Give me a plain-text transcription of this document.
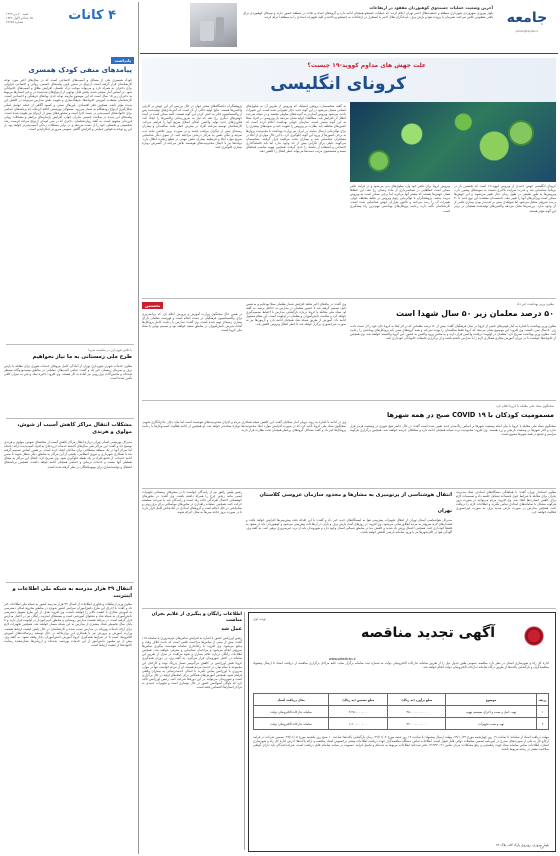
آخرین وضعیت عملیات جستجوی کوهنوردان مفقود در ارتفاعات
بلوار پیروزی سهروردی شهرداری منطقه و جمعیت‌هلال احمر تهران اعلام کردند که عملیات جستجو همچنان ادامه دارد و گروه‌های امداد و نجات در منطقه حضور دارند و تیم‌های کوهنوردی برای یافتن مفقودین تلاش می‌کنند. همزمان با برودت هوا و بارش برف، امدادگران هلال احمر با استقرار در ارتفاعات به جستجو پرداختند و کلیه تجهیزات امدادی را به منطقه اعزام کردند. جامعه
jameh@kayhan.ir
۴ کانات
شنبه ۲۰ دی ۱۳۹۹
۲۵ جمادی الاول ۱۴۴۲
شماره ۲۲۶۸۷
یادداشت
پیامدهای منفی کودک همسری
کودک همسری یکی از مسائل و آسیب‌های اجتماعی است که در سال‌های اخیر مورد توجه کارشناسان قرار گرفته است. ازدواج در سنین پایین پیامدهای جسمی، روانی و اجتماعی فراوانی برای دختران به همراه دارد و می‌تواند موجب ترک تحصیل، افزایش طلاق و آسیب‌های خانوادگی شود. بر اساس آمار منتشر شده، بخش قابل توجهی از ازدواج‌های ثبت‌شده در برخی استان‌ها مربوط به دختران زیر ۱۵ سال است که این موضوع نیازمند توجه جدی نهادهای فرهنگی و اجتماعی است. کارشناسان معتقدند آموزش خانواده‌ها، فرهنگ‌سازی و تقویت نقش مدارس می‌تواند در کاهش این پدیده مؤثر باشد. همچنین فقر اقتصادی، باورهای سنتی و کمبود آگاهی از جمله عوامل اصلی شکل‌گیری ازدواج زودهنگام به شمار می‌رود. مسئولان بهزیستی اعلام کرده‌اند که برنامه‌های حمایتی برای خانواده‌های آسیب‌پذیر در دست اجرا است و مشاوره‌های پیش از ازدواج نیز تقویت شده است. پیامدهای این پدیده در سلامت جسمی مادران جوان، افزایش زایمان‌های پرخطر و مشکلات روانی فرزندان مشهود است. به گفته روان‌شناسان، دختری که در سن کودکی ازدواج می‌کند فرصت رشد شخصیتی و تحصیلی خود را از دست می‌دهد و در برابر مشکلات زندگی آسیب‌پذیرتر خواهد بود. از این رو توجه به قوانین حمایتی و افزایش آگاهی عمومی ضرورتی انکارناپذیر است.
با تلاش شهرداری در مناسبت سرما
طرح ملی زمستانی به ما نیاز نخواهیم
معاون خدمات شهری شهرداری تهران از آمادگی کامل نیروهای خدمات شهری برای مقابله با بارش برف و سرمای زمستان خبر داد و گفت: تمامی اکیپ‌های عملیاتی در مناطق بیست‌ودوگانه مستقر شده‌اند و ماشین‌آلات برف‌روبی نیز آماده به کار هستند. وی افزود: ذخیره نمک و شن به میزان کافی تأمین شده است.
مشکلات انتقال مراکز کاهش آسیب از شوش، مولوی و هرندی
مدیرکل بهزیستی استان تهران درباره انتقال مراکز کاهش آسیب از محله‌های شوش، مولوی و هرندی توضیح داد و گفت: این مراکز طی سال‌های گذشته خدمات ارزنده‌ای به افراد آسیب‌دیده ارائه داده‌اند اما تمرکز آنها در یک منطقه مشکلاتی برای ساکنان ایجاد کرده است. بر همین اساس تصمیم گرفته شد با همکاری شهرداری و نیروی انتظامی، بخشی از این مراکز به مناطق دیگر منتقل شوند تا ضمن ادامه خدمات، از تجمع افراد در یک نقطه جلوگیری شود. وی تصریح کرد: انتقال این مراکز به معنای تعطیلی آنها نیست و خدمات درمانی و حمایتی همچنان ادامه خواهد داشت. همچنین برنامه‌های اشتغال و توانمندسازی برای بهبودیافتگان در نظر گرفته شده است.
انتقال ۳۹ هزار مدرسه به شبکه ملی اطلاعات و اینترنت
معاون وزیر ارتباطات و فناوری اطلاعات از اتصال ۳۹ هزار مدرسه کشور به شبکه ملی اطلاعات خبر داد و گفت: با اجرای این طرح دانش‌آموزان سراسر کشور به‌ویژه در مناطق محروم امکان دسترسی به آموزش مجازی با کیفیت بالاتر را خواهند داشت. وی افزود: هدف از این طرح تسهیل دسترسی دانش‌آموزان به شبکه شاد و محتوای آموزشی است و بسته‌های اینترنت رایگان نیز در اختیار مدارس قرار گرفته است. در مرحله نخست مدارس روستایی و مناطق کم‌برخوردار در اولویت قرار دارند و تا پایان سال تحصیلی تعداد بیشتری از مدارس به این شبکه متصل خواهند شد. همچنین تجهیزات لازم برای ارائه خدمات پهن‌باند در مدارس نصب شده و کارشناسان در حال پایش کیفیت ارتباط هستند. وزارت آموزش و پرورش نیز با همکاری این وزارتخانه در حال توسعه زیرساخت‌های آموزش الکترونیک است تا در شرایط همه‌گیری کرونا آموزش دانش‌آموزان دچار وقفه نشود. به گفته وی، بیش از دو میلیون دانش‌آموز از این خدمات بهره‌مند شده‌اند و ارزیابی‌ها نشان‌دهنده رضایت خانواده‌ها از کیفیت ارتباط است.
علت جهش های مداوم کووید-۱۹ چیست؟
کرونای انگلیسی
کرونای انگلیسی جهش جدیدی از ویروس کووید-۱۹ است که نخستین بار در بریتانیا شناسایی شد و قدرت سرایت بالاتری نسبت به نمونه‌های پیشین دارد. ویروس‌ها به طور طبیعی در طول زمان دچار تغییر می‌شوند و این جهش‌ها ممکن است ویژگی‌های آنها را تغییر دهد. دانشمندان معتقدند این نوع جدید تا ۷۰ درصد سریع‌تر منتقل می‌شود اما شواهدی مبنی بر شدیدتر بودن بیماری ناشی از آن وجود ندارد. بررسی‌ها نشان می‌دهد واکسن‌های تولیدشده همچنان در برابر این گونه مؤثر هستند.
ویروس کرونا برای تکثیر خود وارد سلول‌های بدن می‌شود و در فرایند تکثیر ممکن است خطاهایی در نسخه‌برداری از ماده ژنتیکی رخ دهد. این خطاها همان جهش‌ها هستند که بیشتر آنها بی‌اثرند اما برخی ممکن است به ویروس مزیت بدهند. پژوهشگران با توالی‌یابی ژنوم ویروس در نقاط مختلف جهان، تغییرات آن را رصد می‌کنند و تاکنون هزاران جهش شناسایی شده است. کارشناسان تأکید دارند رعایت پروتکل‌های بهداشتی مهم‌ترین راه پیشگیری است.
به گفته متخصصان، پروتئین اسپایک که ویروس از طریق آن به سلول‌های انسانی متصل می‌شود در این گونه جدید دچار تغییراتی شده است. این تغییرات باعث می‌شود ویروس آسان‌تر به گیرنده‌های سلولی بچسبد و در نتیجه سرعت انتقال آن افزایش یابد. مطالعات اولیه نشان می‌دهد بار ویروسی در افراد مبتلا به این گونه بیشتر است. سازمان جهانی بهداشت اعلام کرده است که کشورهای مختلف باید نظارت بر ویروس را تقویت کنند و نمونه‌های بیشتری را برای توالی‌یابی ارسال نمایند. در ایران نیز وزارت بهداشت با محدودیت پروازها به برخی کشورها از ورود این گونه جلوگیری کرد. با این حال مواردی از ابتلا در مسافران شناسایی شد و بیماران تحت مراقبت قرار گرفتند. متخصصان می‌گویند دلیلی برای نگرانی بیش از حد وجود ندارد اما باید فاصله‌گذاری اجتماعی و استفاده از ماسک را جدی گرفت. همچنین تهویه مناسب فضاهای بسته و شستشوی مرتب دست‌ها می‌تواند خطر انتقال را کاهش دهد.
پژوهشگران دانشگاه‌های معتبر جهان در حال بررسی اثر این جهش بر کارایی واکسن‌ها هستند. نتایج اولیه حاکی از آن است که آنتی‌بادی‌های تولیدشده پس از واکسیناسیون قادر به خنثی کردن این گونه هستند. البته ممکن است در آینده جهش‌های دیگری رخ دهد که نیاز به به‌روزرسانی واکسن‌ها را ایجاد کند. فناوری‌های جدید تولید واکسن امکان اصلاح سریع آنها را فراهم می‌کند. کارشناسان توصیه می‌کنند افراد در معرض خطر مانند سالمندان و بیماران زمینه‌ای بیش از دیگران مراقب باشند و در صورت بروز علائمی مانند تب، سرفه و تنگی نفس به مراکز درمانی مراجعه کنند. از سوی دیگر شناسایی سریع موارد ابتلا و قرنطینه بیماران نقش مهمی در قطع زنجیره انتقال دارد. دولت‌ها نیز با اعمال محدودیت‌های هوشمند تلاش می‌کنند از گسترش دوباره بیماری جلوگیری کنند.
نخستین	معاون وزیر بهداشت خبر داد
۵۰ درصد معلمان زیر ۵۰ سال شهدا است
معاون وزیر بهداشت با اشاره به آمار فوتی‌های ناشی از کرونا در میان فرهنگیان گفت: بیش از ۵۰ درصد معلمانی که بر اثر ابتلا به کرونا جان خود را از دست دادند زیر ۵۰ سال سن داشتند. وی افزود: این موضوع نشان می‌دهد که کرونا فقط سالمندان را تهدید نمی‌کند و همه گروه‌های سنی باید پروتکل‌های بهداشتی را رعایت کنند. معاون وزیر بهداشت تصریح کرد: معلمان در اولویت دریافت واکسن قرار دارند و به محض ورود واکسن به کشور، این گروه واکسینه خواهند شد. وی همچنین از خانواده‌ها خواست تا در دوران آموزش مجازی همکاری لازم را با مدارس داشته باشند و از برگزاری تجمعات خانوادگی خودداری کنند.
وی گفت: در ماه‌های اخیر شاهد افزایش شمار معلمان مبتلا بوده‌ایم و به همین دلیل تصمیم گرفته شد تا حضور معلمان در مدارس به حداقل برسد. به گفته او، ستاد ملی مقابله با کرونا درباره بازگشایی مدارس با احتیاط تصمیم‌گیری خواهد کرد و سلامت دانش‌آموزان و معلمان در اولویت است. این مقام مسئول ادامه داد: آموزش از طریق شبکه شاد همچنان ادامه دارد و آزمون‌ها نیز به صورت غیرحضوری برگزار خواهد شد تا خطر انتقال ویروس کاهش یابد.
در همین حال سخنگوی وزارت آموزش و پرورش اعلام کرد که برنامه‌ریزی برای واکسیناسیون فرهنگیان در دست انجام است و فهرست معلمان دارای بیماری زمینه‌ای تهیه شده است. وی گفت: مدارس با رعایت کامل پروتکل‌ها آماده پذیرش دانش‌آموزان در مناطق سفید خواهند بود و تصمیم نهایی با ستاد ملی کرونا است.
سخنگوی ستاد ملی مقابله با کرونا اعلام کرد
مسمومیت کودکان با COVID ۱۹ صبح در همه شهرها
سخنگوی ستاد ملی مقابله با کرونا با بیان اینکه وضعیت شهرها بر اساس رنگ‌بندی جدید تعیین شده است گفت: در حال حاضر هیچ شهری در وضعیت قرمز قرار ندارد و اکثر شهرها در وضعیت نارنجی و زرد هستند. وی افزود: محدودیت تردد شبانه همچنان ادامه دارد و متخلفان جریمه خواهند شد. همچنین برگزاری هرگونه مراسم و تجمع در همه شهرها ممنوع است.
وی در ادامه با اشاره به روند نزولی آمار مبتلایان گفت: این کاهش نتیجه همکاری مردم و اجرای محدودیت‌های هوشمند است اما نباید دچار عادی‌انگاری شویم. سخنگوی ستاد ملی کرونا تأکید کرد که در صورت افزایش موارد ابتلا، محدودیت‌ها دوباره سخت‌تر خواهد شد. او همچنین از ادامه فعالیت کسب‌وکارها با رعایت پروتکل‌ها خبر داد و گفت مشاغل گروه‌های پرخطر همچنان تحت نظارت قرار دارند.
انتقال هوشناسی از پرتومیزی به مشارها و محدود سازمان عروسی کلاستان
تهران
مدیرکل هواشناسی استان تهران از انتقال تجهیزات پیش‌بینی هوا به ایستگاه‌های جدید خبر داد و گفت: با این اقدام دقت پیش‌بینی‌ها افزایش خواهد یافت و هشدارهای لازم سریع‌تر به مردم اطلاع‌رسانی می‌شود. وی افزود: در روزهای آینده بارش برف و باران در ارتفاعات پیش‌بینی می‌شود و کوهنوردان باید از صعود به قله‌ها خودداری کنند. همچنین احتمال وزش باد شدید و کاهش دما در مناطق شمالی استان وجود دارد و شهروندان باید از تردد غیرضروری پرهیز کنند. به گفته وی، آلودگی هوا در کلان‌شهرها نیز با ورود سامانه بارشی کاهش خواهد یافت.
رئیس پلیس راهور نیز از رانندگان خواست تا در سفرهای زمستانی تجهیزات ایمنی مانند زنجیر چرخ را همراه داشته باشند. وی گفت: در محورهای کوهستانی احتمال لغزندگی جاده زیاد است و رانندگان باید با سرعت مطمئنه حرکت کنند. همچنین عملیات راهداری در محورهای مواصلاتی برای برف‌روبی و نمک‌پاشی در حال انجام است و گروه‌های امدادی در آماده‌باش کامل قرار دارند تا در صورت بروز حادثه سریعاً به محل اعزام شوند.
معاون استاندار تهران گفت: با هماهنگی دستگاه‌های امدادی، ستاد مدیریت بحران برای مقابله با شرایط جوی نامساعد تشکیل جلسه داد و تصمیمات لازم برای کاهش خسارت‌ها اتخاذ شد. وی افزود: مردم می‌توانند در صورت بروز هرگونه مشکل با سامانه‌های امدادی تماس بگیرند و اطلاعات لازم را دریافت کنند. همچنین مدارس در صورت بارش شدید برف به صورت غیرحضوری فعالیت خواهند کرد.
اطلاعات رایگان و پیگیری از علایم بحران مناسب
عمل شد
رئیس اورژانس کشور با اشاره به افزایش تماس‌های غیرضروری با سامانه ۱۱۵ گفت: بیش از نیمی از تماس‌ها مزاحمت تلفنی است که باعث اتلاف وقت و منابع می‌شود. وی افزود: با راه‌اندازی سامانه هوشمند، پیگیری تماس‌ها سریع‌تر انجام می‌شود و مزاحمان شناسایی و معرفی خواهند شد. همچنین اطلاعات رایگان درباره علائم بیماری و نحوه مراقبت در منزل از طریق این سامانه در اختیار شهروندان قرار می‌گیرد. به گفته وی، در دوران همه‌گیری کرونا نقش اورژانس در کاهش مرگ‌ومیر بسیار پررنگ بوده و کارکنان این مجموعه با تمام توان در خدمت مردم هستند. او از مردم خواست تنها در موارد ضروری با اورژانس تماس بگیرند تا امکان خدمت‌رسانی به بیماران واقعی فراهم شود. همچنین آموزش‌های همگانی برای کمک‌های اولیه در حال برگزاری است و شهروندان می‌توانند در این دوره‌ها شرکت کنند. رئیس اورژانس تأکید کرد که ناوگان آمبولانس کشور در حال نوسازی است و تجهیزات جدیدی به مراکز استان‌ها اختصاص یافته است.
نوبت اول
آگهی تجدید مناقصه
www.setadiran.ir
اداره کل راه و شهرسازی استان در نظر دارد مناقصه عمومی طبق جدول ذیل را از طریق سامانه تدارکات الکترونیکی دولت به شماره ثبت سامانه برگزار نماید. کلیه مراحل برگزاری مناقصه از دریافت اسناد تا ارسال پیشنهاد مناقصه‌گران و بازگشایی پاکت‌ها از طریق درگاه سامانه تدارکات الکترونیکی دولت انجام خواهد شد.
ردیف	موضوع	مبلغ برآورد (به ریال)	مبلغ تضمین (به ریال)	محل دریافت اسناد
۱	تهیه، حمل و نصب و اجرای سیستم تهویه	۴۵,۰۰۰,۰۰۰,۰۰۰	۲,۲۵۰,۰۰۰,۰۰۰	سامانه تدارکات الکترونیکی دولت
۲	تهیه و نصب تجهیزات	۳۲,۰۰۰,۰۰۰,۰۰۰	۱,۶۰۰,۰۰۰,۰۰۰	سامانه تدارکات الکترونیکی دولت
مهلت دریافت اسناد از سامانه: تا ساعت ۱۹ روز چهارشنبه مورخ ۹۹/۱۰/۲۴. مهلت ارسال پیشنهاد: تا ساعت ۱۴ روز شنبه مورخ ۹۹/۱۱/۰۴. زمان بازگشایی پاکت‌ها: ساعت ۱۰ صبح روز یکشنبه مورخ ۹۹/۱۱/۰۵. تضمین شرکت در فرایند ارجاع کار به یکی از صورت‌های مندرج در آیین‌نامه تضمین معاملات دولتی قابل قبول است. اطلاعات تماس دستگاه مناقصه‌گزار جهت دریافت اطلاعات بیشتر درخصوص اسناد مناقصه و ارائه پاکت‌ها: آدرس اداره کل راه و شهرسازی استان. اطلاعات تماس سامانه ستاد جهت راهنمایی و رفع مشکلات: مرکز تماس ۰۲۱-۴۱۹۳۴. دفتر ثبت‌نام: اطلاعات مربوط به ثبت‌نام و تکمیل فرایند عضویت در سایت سامانه قابل دریافت است. شرکت‌کنندگان باید دارای گواهی صلاحیت معتبر در رشته مربوط باشند.
بلوار پیروزی، روبروی پارک لاله، پلاک ۴۶
۱۲
